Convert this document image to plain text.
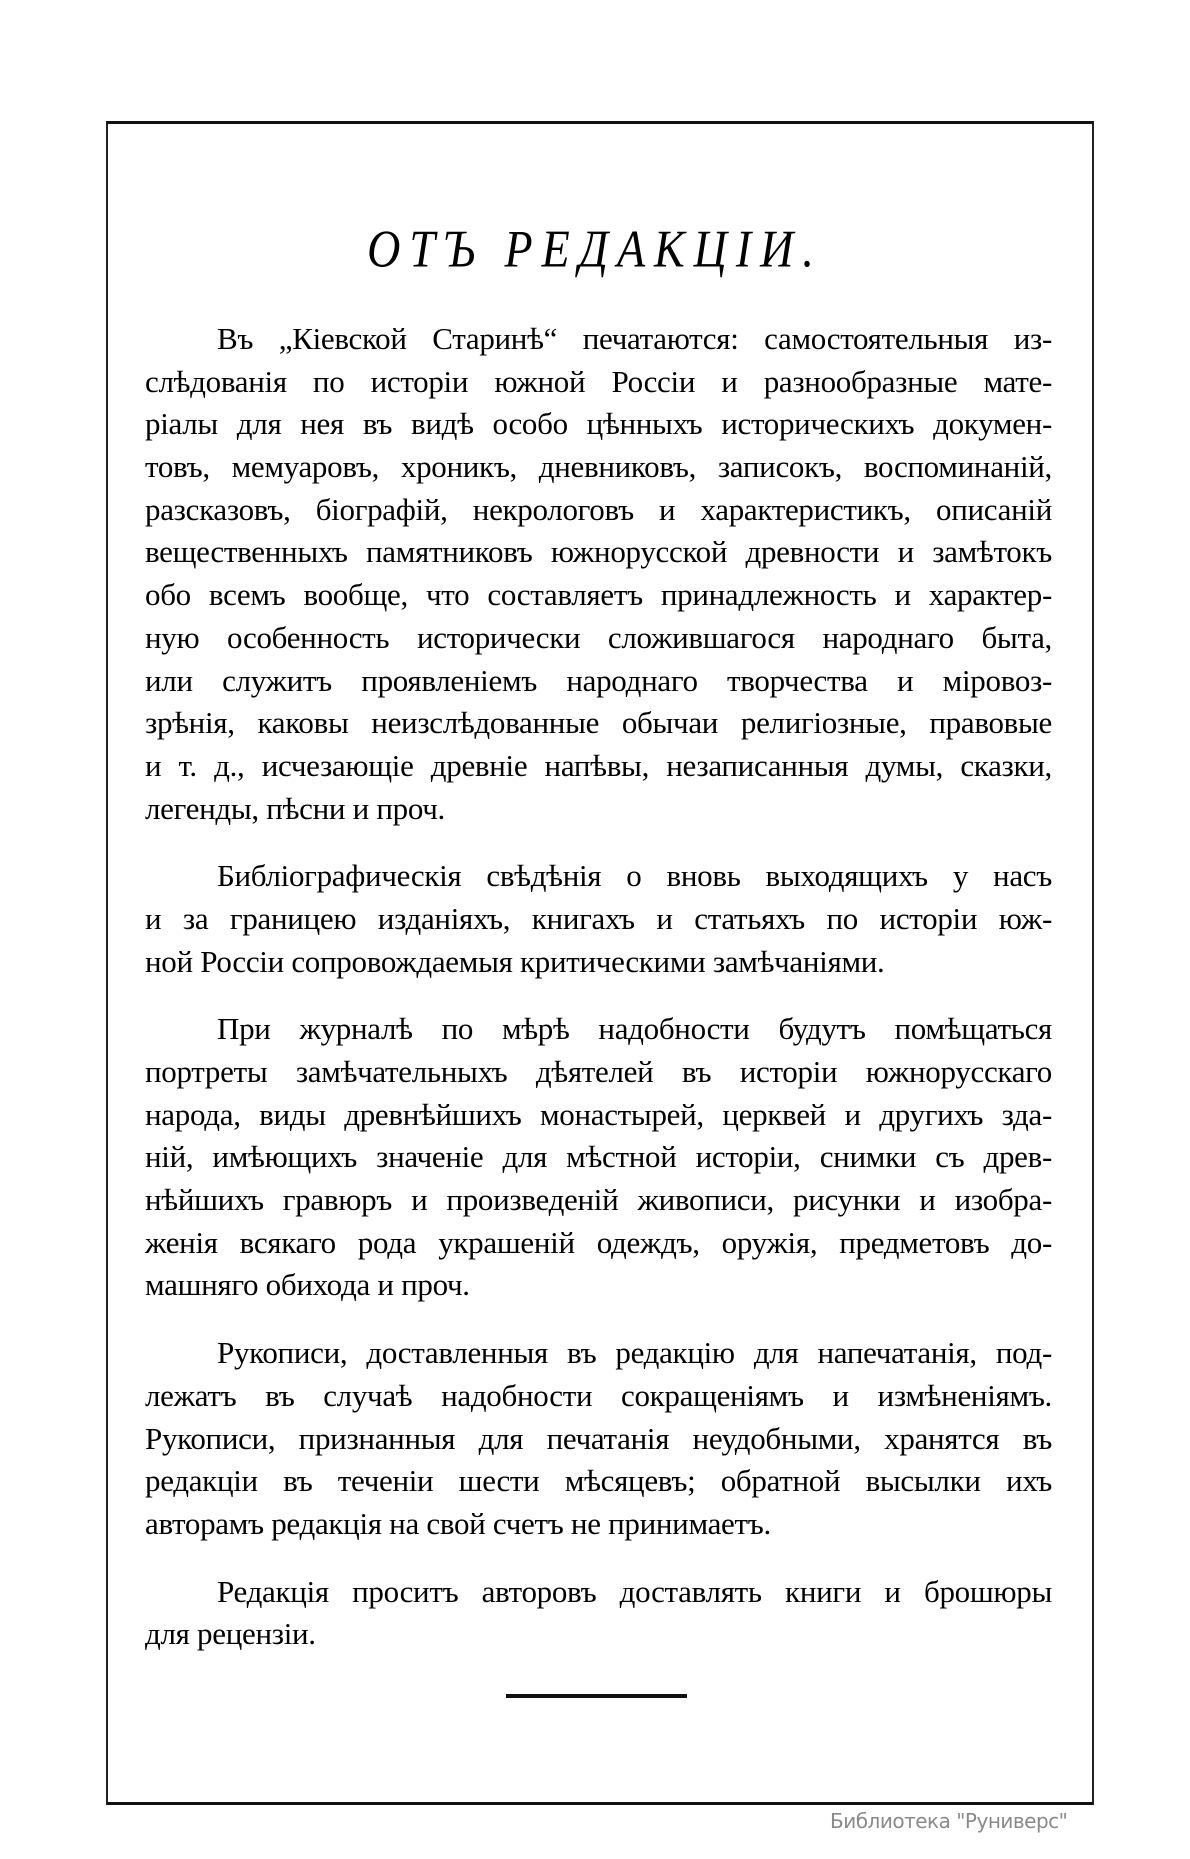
ОТЪ РЕДАКЦIИ.
Въ „Кіевской Старинѣ“ печатаются: самостоятельныя из-
слѣдованія по исторіи южной Россіи и разнообразные мате-
ріалы для нея въ видѣ особо цѣнныхъ историческихъ докумен-
товъ, мемуаровъ, хроникъ, дневниковъ, записокъ, воспоминаній,
разсказовъ, біографій, некрологовъ и характеристикъ, описаній
вещественныхъ памятниковъ южнорусской древности и замѣтокъ
обо всемъ вообще, что составляетъ принадлежность и характер-
ную особенность исторически сложившагося народнаго быта,
или служитъ проявленіемъ народнаго творчества и міровоз-
зрѣнія, каковы неизслѣдованные обычаи религіозные, правовые
и т. д., исчезающіе древніе напѣвы, незаписанныя думы, сказки,
легенды, пѣсни и проч.
Библіографическія свѣдѣнія о вновь выходящихъ у насъ
и за границею изданіяхъ, книгахъ и статьяхъ по исторіи юж-
ной Россіи сопровождаемыя критическими замѣчаніями.
При журналѣ по мѣрѣ надобности будутъ помѣщаться
портреты замѣчательныхъ дѣятелей въ исторіи южнорусскаго
народа, виды древнѣйшихъ монастырей, церквей и другихъ зда-
ній, имѣющихъ значеніе для мѣстной исторіи, снимки съ древ-
нѣйшихъ гравюръ и произведеній живописи, рисунки и изобра-
женія всякаго рода украшеній одеждъ, оружія, предметовъ до-
машняго обихода и проч.
Рукописи, доставленныя въ редакцію для напечатанія, под-
лежатъ въ случаѣ надобности сокращеніямъ и измѣненіямъ.
Рукописи, признанныя для печатанія неудобными, хранятся въ
редакціи въ теченіи шести мѣсяцевъ; обратной высылки ихъ
авторамъ редакція на свой счетъ не принимаетъ.
Редакція проситъ авторовъ доставлять книги и брошюры
для рецензіи.
Библиотека "Руниверс"
